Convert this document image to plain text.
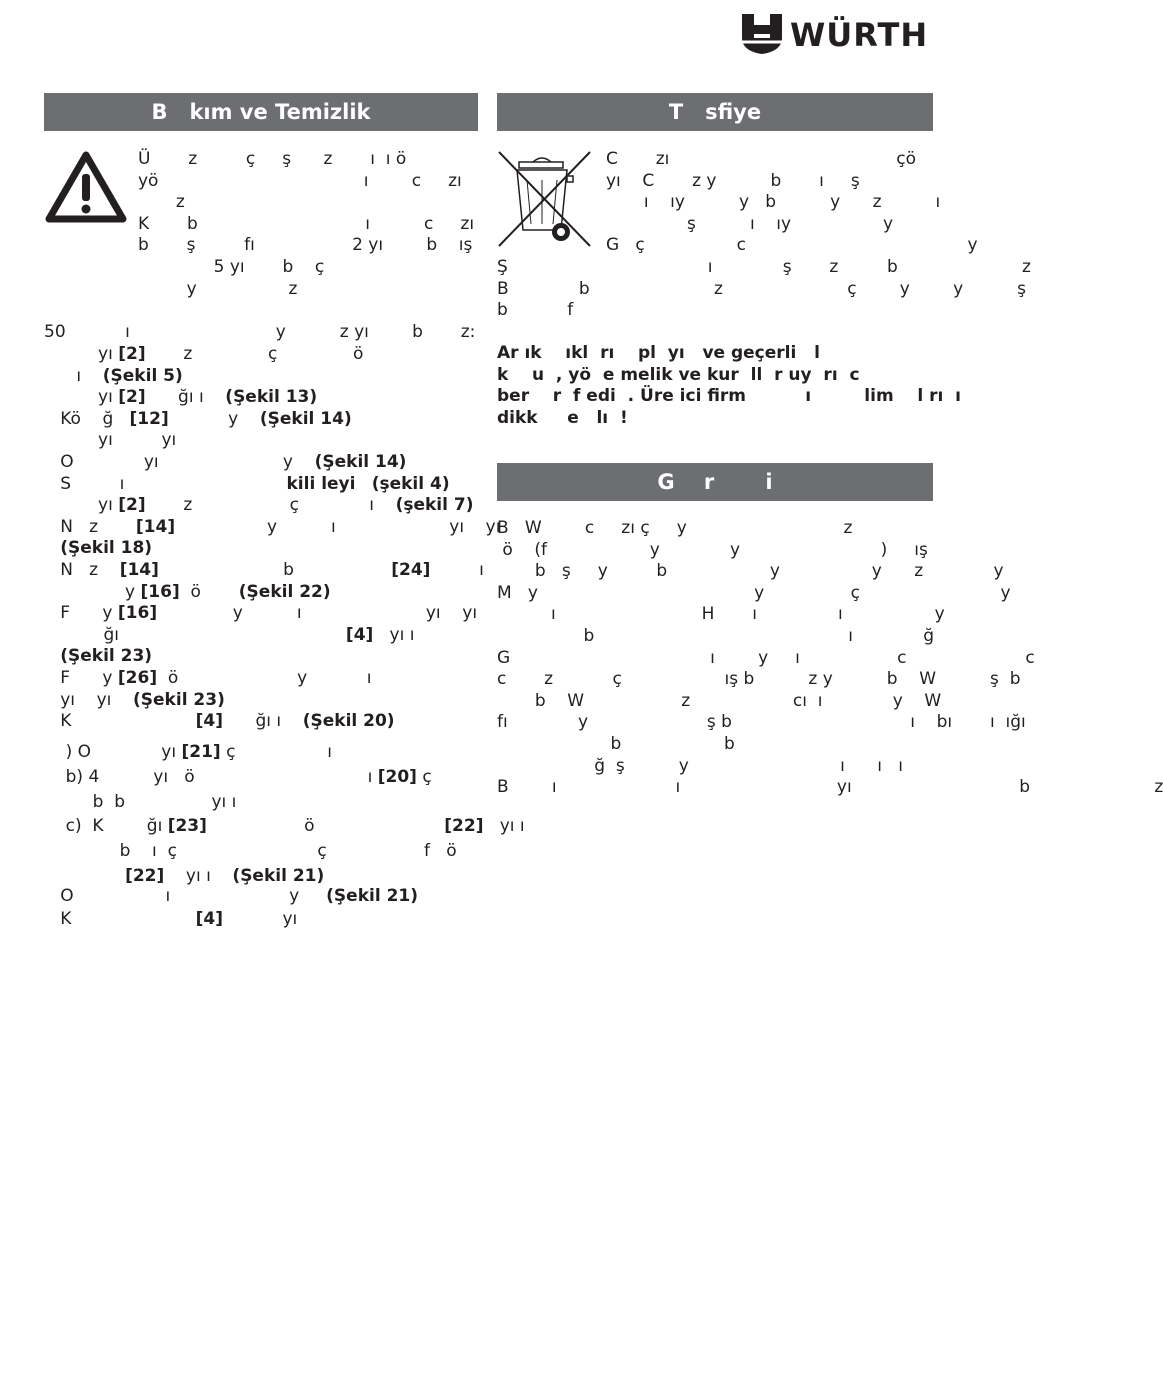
WÜRTH
B   kım ve Temizlik
Ü       z         ç     ş      z       ı  ı ö
yö                                      ı        c     zı
z
K       b                               ı          c     zı
b       ş         fı                  2 yı        b    ış
5 yı       b    ç
y                 z
50           ı                           y          z yı        b       z:
yı [2]       z              ç              ö
ı    (Şekil 5)
yı [2]      ğı ı    (Şekil 13)
Kö    ğ   [12]           y    (Şekil 14)
yı         yı
O             yı                       y    (Şekil 14)
S         ı                              kili leyi (şekil 4)
yı [2]       z                  ç             ı    (şekil 7)
N   z       [14]                 y          ı                     yı    yı
(Şekil 18)
N   z    [14]                       b                  [24]         ı
y [16]  ö       (Şekil 22)
F      y [16]              y          ı                       yı    yı
ğı                                          [4]   yı ı
(Şekil 23)
F      y [26]  ö                      y           ı
yı    yı    (Şekil 23)
K                       [4]      ğı ı    (Şekil 20)
) O             yı [21] ç                 ı
b) 4          yı   ö                                ı [20] ç
b  b                yı ı
c)  K        ğı [23]                  ö                        [22]   yı ı
b    ı  ç                          ç                  f   ö
[22]    yı ı    (Şekil 21)
O                 ı                      y     (Şekil 21)
K                       [4]           yı
T   sfiye
C       zı                                          çö
yı    C       z y          b       ı     ş
ı    ıy          y   b          y      z          ı
ş          ı    ıy                 y
G   ç                 c                                         y
Ş                                     ı             ş       z         b                       z
B             b                       z                       ç        y        y          ş
b           f
Ar ık    ıkl  rı    pl  yı   ve geçerli   l
k    u  , yö  e melik ve kur  ll  r uy  rı  c
ber    r  f edi  . Üre ici firm          ı         lim    l rı  ı
dikk     e   lı  !
G    r       i
B   W        c     zı ç     y                             z
ö    (f                   y             y                          )     ış
b   ş     y         b                   y                 y      z             y
M   y                                        y                ç                          y
ı                           H       ı               ı                 y
b                                               ı             ğ
G                                     ı        y     ı                  c                      c
c       z           ç                   ış b          z y          b    W          ş  b
b    W                  z                   cı  ı             y    W
fı             y                      ş b                                 ı    bı       ı  ığı
b                   b
ğ  ş          y                            ı      ı   ı
B        ı                      ı                             yı                               b                       z
